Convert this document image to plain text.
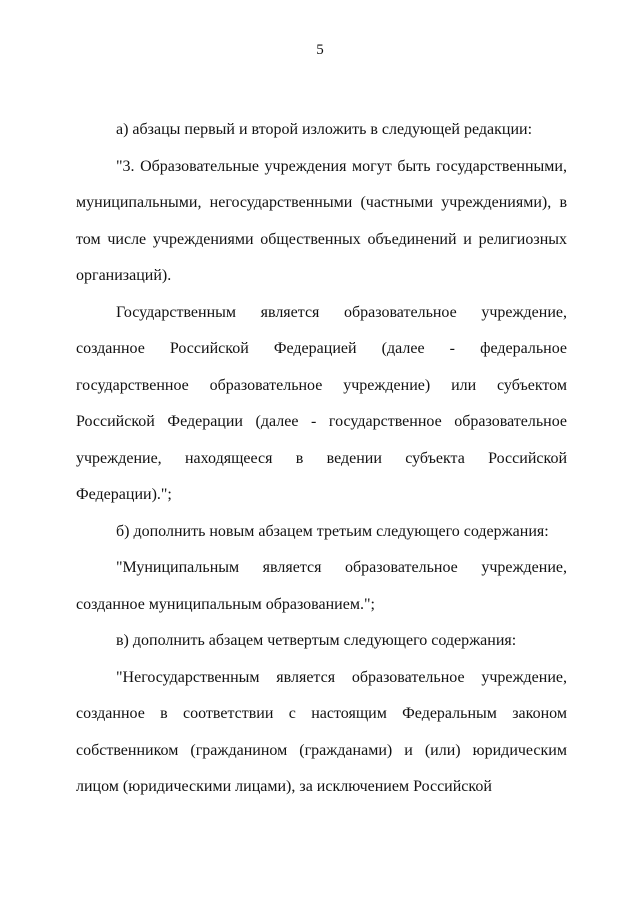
5

а) абзацы первый и второй изложить в следующей редакции:

"3. Образовательные учреждения могут быть государственными, муниципальными, негосударственными (частными учреждениями), в том числе учреждениями общественных объединений и религиозных организаций).

Государственным является образовательное учреждение, созданное Российской Федерацией (далее - федеральное государственное образовательное учреждение) или субъектом Российской Федерации (далее - государственное образовательное учреждение, находящееся в ведении субъекта Российской Федерации).";

б) дополнить новым абзацем третьим следующего содержания:

"Муниципальным является образовательное учреждение, созданное муниципальным образованием.";

в) дополнить абзацем четвертым следующего содержания:

"Негосударственным является образовательное учреждение, созданное в соответствии с настоящим Федеральным законом собственником (гражданином (гражданами) и (или) юридическим лицом (юридическими лицами), за исключением Российской
